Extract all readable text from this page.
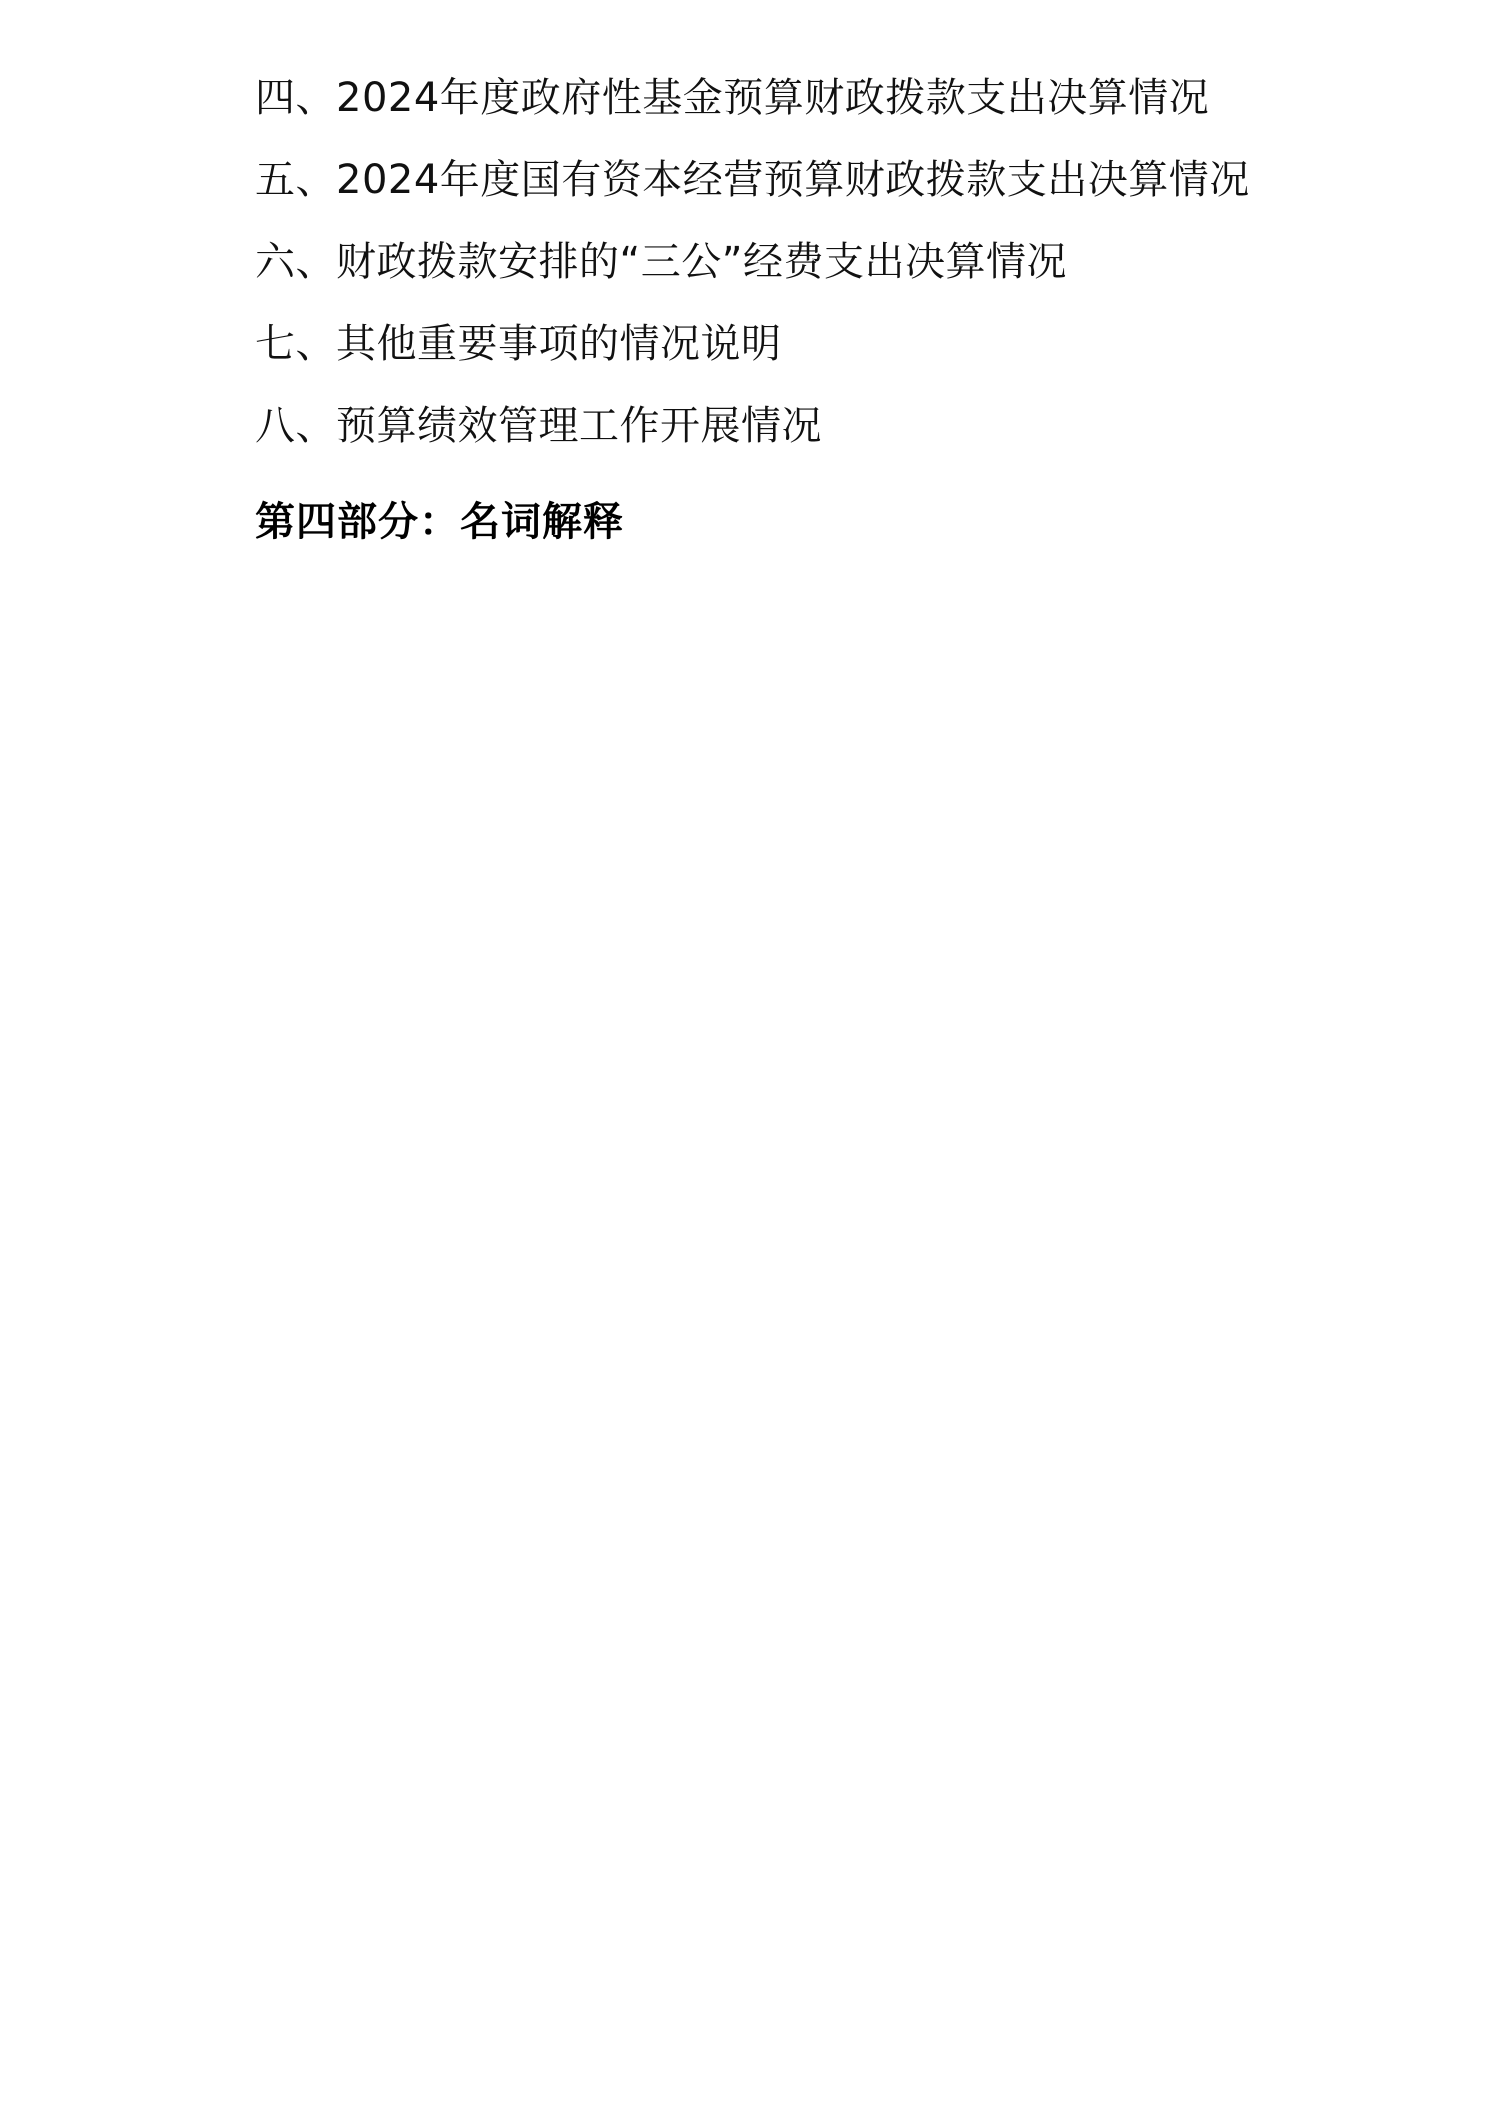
四、2024年度政府性基金预算财政拨款支出决算情况
五、2024年度国有资本经营预算财政拨款支出决算情况
六、财政拨款安排的“三公”经费支出决算情况
七、其他重要事项的情况说明
八、预算绩效管理工作开展情况
第四部分：名词解释
